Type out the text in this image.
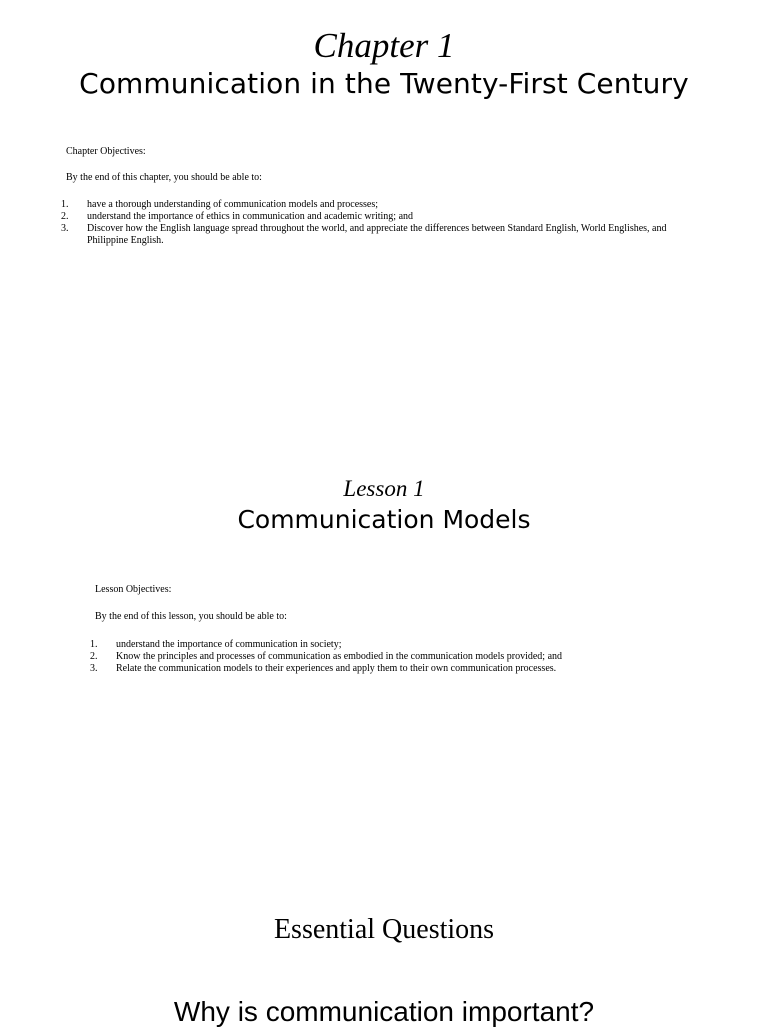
Chapter 1
Communication in the Twenty-First Century
Chapter Objectives:
By the end of this chapter, you should be able to:
1. have a thorough understanding of communication models and processes;
2. understand the importance of ethics in communication and academic writing; and
3. Discover how the English language spread throughout the world, and appreciate the differences between Standard English, World Englishes, and Philippine English.
Lesson 1
Communication Models
Lesson Objectives:
By the end of this lesson, you should be able to:
1. understand the importance of communication in society;
2. Know the principles and processes of communication as embodied in the communication models provided; and
3. Relate the communication models to their experiences and apply them to their own communication processes.
Essential Questions
Why is communication important?
